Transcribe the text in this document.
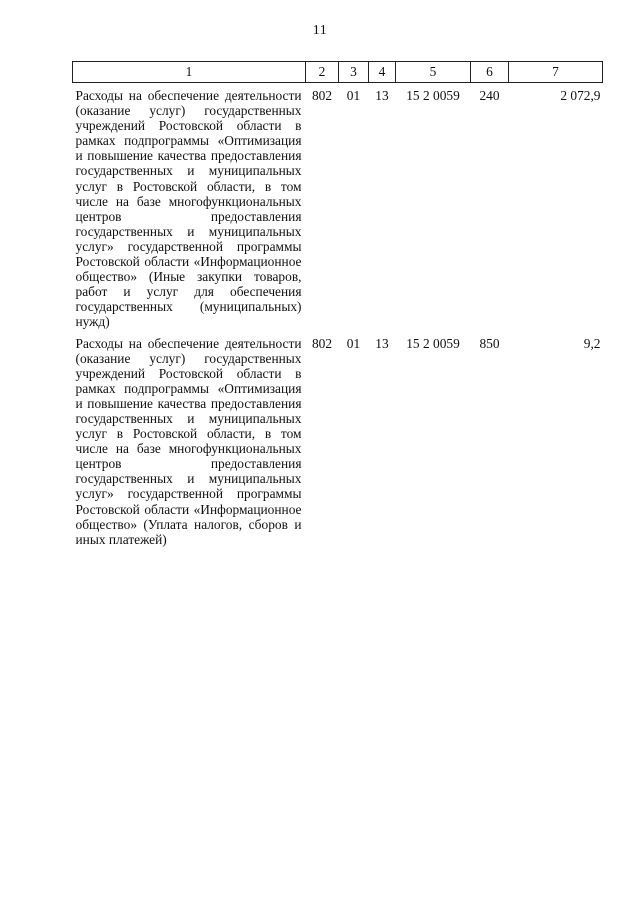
11
1	2	3	4	5	6	7
Расходы на обеспечение деятельности (оказание услуг) государственных учреждений Ростовской области в рамках подпрограммы «Оптимизация и повышение качества предоставления государственных и муниципальных услуг в Ростовской области, в том числе на базе многофункциональных центров предоставления государственных и муниципальных услуг» государственной программы Ростовской области «Информационное общество» (Иные закупки товаров, работ и услуг для обеспечения государственных (муниципальных) нужд)	802	01	13	15 2 0059	240	2 072,9
Расходы на обеспечение деятельности (оказание услуг) государственных учреждений Ростовской области в рамках подпрограммы «Оптимизация и повышение качества предоставления государственных и муниципальных услуг в Ростовской области, в том числе на базе многофункциональных центров предоставления государственных и муниципальных услуг» государственной программы Ростовской области «Информационное общество» (Уплата налогов, сборов и иных платежей)	802	01	13	15 2 0059	850	9,2
